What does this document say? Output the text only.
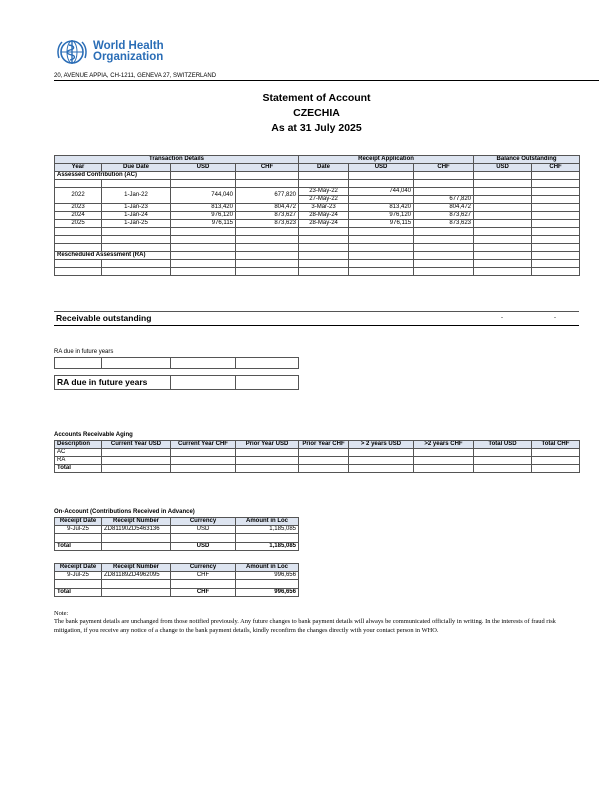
World Health
Organization
20, AVENUE APPIA, CH-1211, GENEVA 27, SWITZERLAND
Statement of Account
CZECHIA
As at 31 July 2025
Transaction Details				Receipt Application			Balance Outstanding	
Year	Due Date	USD	CHF	Date	USD	CHF	USD	CHF
Assessed Contribution (AC)								

2022	1-Jan-22	744,040	677,820	23-May-22	744,040			
				27-May-22		677,820		
2023	1-Jan-23	813,420	804,472	3-Mar-23	813,420	804,472		
2024	1-Jan-24	976,120	873,627	28-May-24	976,120	873,627		
2025	1-Jan-25	976,115	873,623	28-May-24	976,115	873,623		

Rescheduled Assessment (RA)								

Receivable outstanding	-	-
RA due in future years

RA due in future years		
Accounts Receivable Aging
Description	Current Year USD	Current Year CHF	Prior Year USD	Prior Year CHF	> 2 years USD	>2 years CHF	Total USD	Total CHF
AC								
RA								
Total								
On-Account (Contributions Received in Advance)
Receipt Date	Receipt Number	Currency	Amount in Loc
9-Jul-25	ZD81190ZD5463136	USD	1,185,085

Total		USD	1,185,085
Receipt Date	Receipt Number	Currency	Amount in Loc
9-Jul-25	ZD81189ZD4962095	CHF	996,656

Total		CHF	996,656
Note:
The bank payment details are unchanged from those notified previously. Any future changes to bank payment details will always be communicated officially in writing. In the interests of fraud risk mitigation, if you receive any notice of a change to the bank payment details, kindly reconfirm the changes directly with your contact person in WHO.
